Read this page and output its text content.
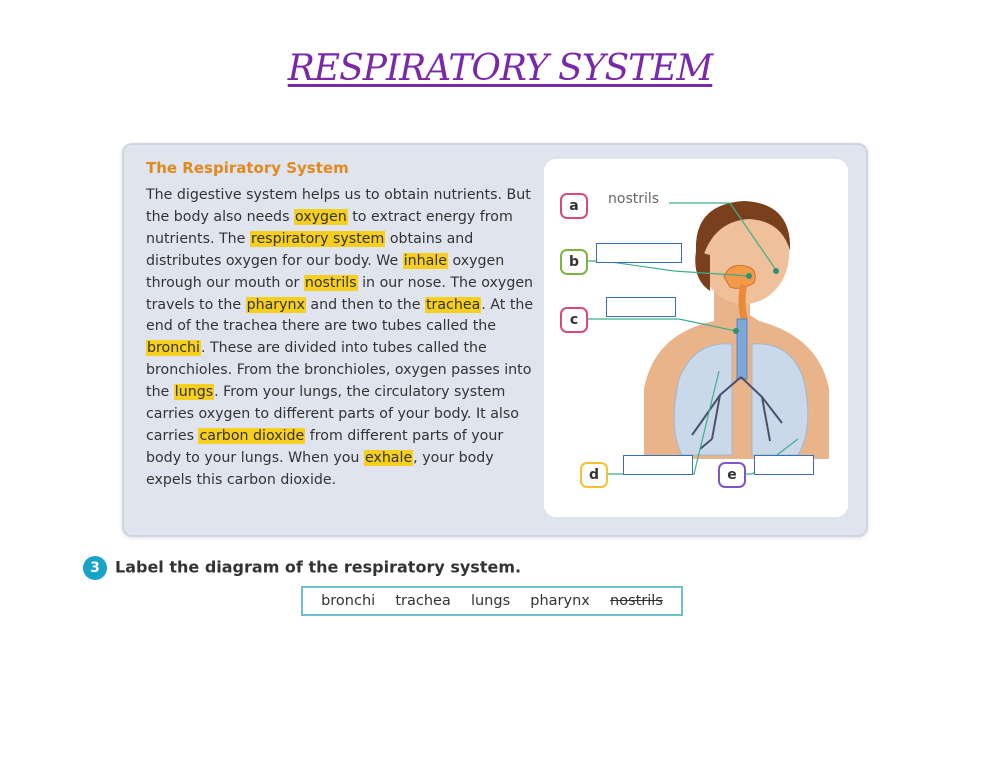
RESPIRATORY SYSTEM
The Respiratory System
The digestive system helps us to obtain nutrients. But the body also needs oxygen to extract energy from nutrients. The respiratory system obtains and distributes oxygen for our body. We inhale oxygen through our mouth or nostrils in our nose. The oxygen travels to the pharynx and then to the trachea. At the end of the trachea there are two tubes called the bronchi. These are divided into tubes called the bronchioles. From the bronchioles, oxygen passes into the lungs. From your lungs, the circulatory system carries oxygen to different parts of your body. It also carries carbon dioxide from different parts of your body to your lungs. When you exhale, your body expels this carbon dioxide.
a	nostrils
b
c
d	e
3 Label the diagram of the respiratory system.
bronchi trachea lungs pharynx nostrils
